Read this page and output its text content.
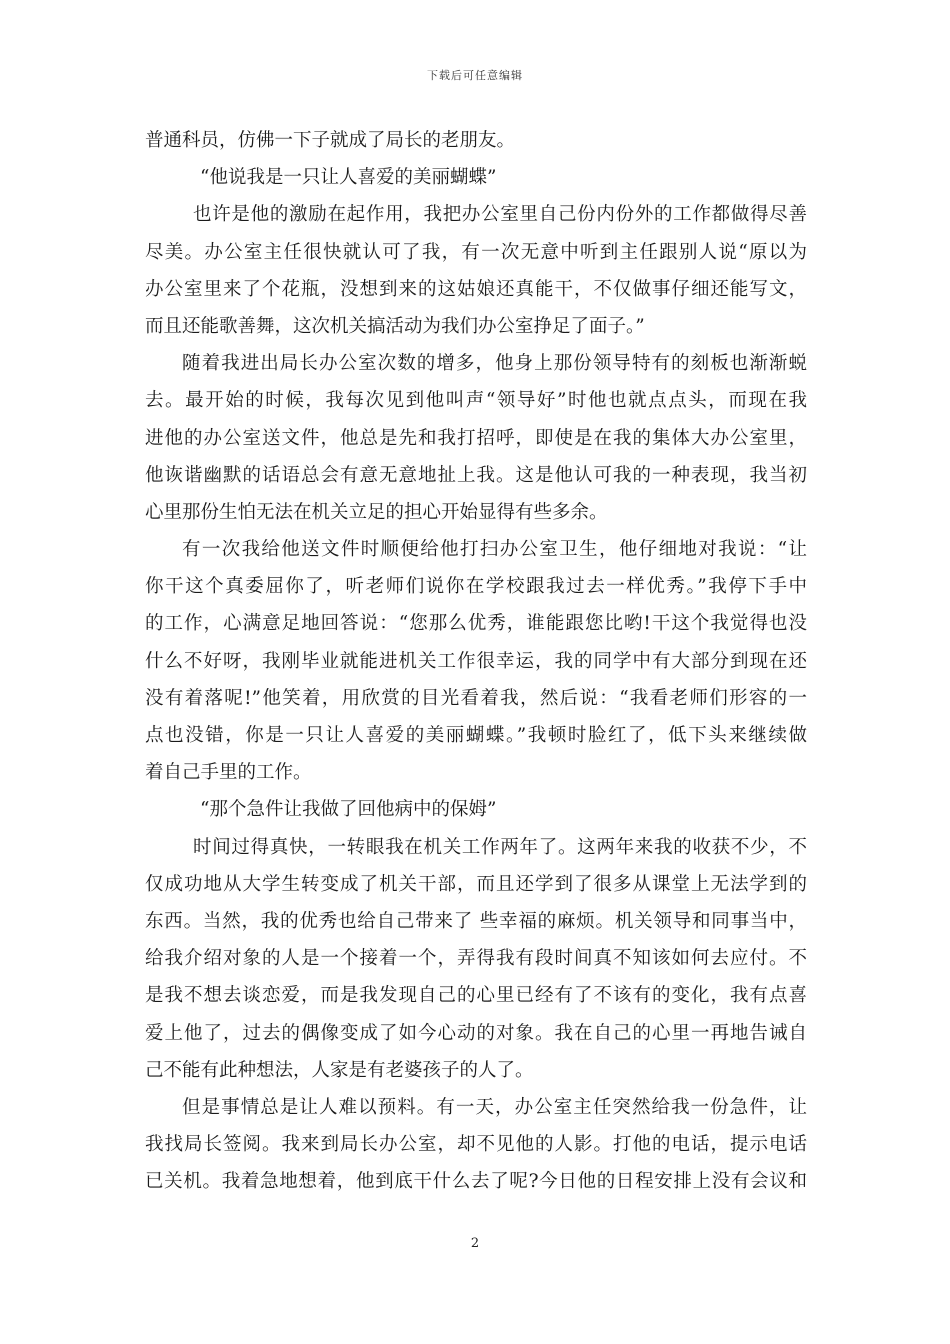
下载后可任意编辑
普通科员，仿佛一下子就成了局长的老朋友。
“他说我是一只让人喜爱的美丽蝴蝶”
也许是他的激励在起作用，我把办公室里自己份内份外的工作都做得尽善
尽美。办公室主任很快就认可了我，有一次无意中听到主任跟别人说“原以为
办公室里来了个花瓶，没想到来的这姑娘还真能干，不仅做事仔细还能写文，
而且还能歌善舞，这次机关搞活动为我们办公室挣足了面子。”
随着我进出局长办公室次数的增多，他身上那份领导特有的刻板也渐渐蜕
去。最开始的时候，我每次见到他叫声“领导好”时他也就点点头，而现在我
进他的办公室送文件，他总是先和我打招呼，即使是在我的集体大办公室里，
他诙谐幽默的话语总会有意无意地扯上我。这是他认可我的一种表现，我当初
心里那份生怕无法在机关立足的担心开始显得有些多余。
有一次我给他送文件时顺便给他打扫办公室卫生，他仔细地对我说：“让
你干这个真委屈你了，听老师们说你在学校跟我过去一样优秀。”我停下手中
的工作，心满意足地回答说：“您那么优秀，谁能跟您比哟!干这个我觉得也没
什么不好呀，我刚毕业就能进机关工作很幸运，我的同学中有大部分到现在还
没有着落呢!”他笑着，用欣赏的目光看着我，然后说：“我看老师们形容的一
点也没错，你是一只让人喜爱的美丽蝴蝶。”我顿时脸红了，低下头来继续做
着自己手里的工作。
“那个急件让我做了回他病中的保姆”
时间过得真快，一转眼我在机关工作两年了。这两年来我的收获不少，不
仅成功地从大学生转变成了机关干部，而且还学到了很多从课堂上无法学到的
东西。当然，我的优秀也给自己带来了 些幸福的麻烦。机关领导和同事当中，
给我介绍对象的人是一个接着一个，弄得我有段时间真不知该如何去应付。不
是我不想去谈恋爱，而是我发现自己的心里已经有了不该有的变化，我有点喜
爱上他了，过去的偶像变成了如今心动的对象。我在自己的心里一再地告诫自
己不能有此种想法，人家是有老婆孩子的人了。
但是事情总是让人难以预料。有一天，办公室主任突然给我一份急件，让
我找局长签阅。我来到局长办公室，却不见他的人影。打他的电话，提示电话
已关机。我着急地想着，他到底干什么去了呢?今日他的日程安排上没有会议和
2
